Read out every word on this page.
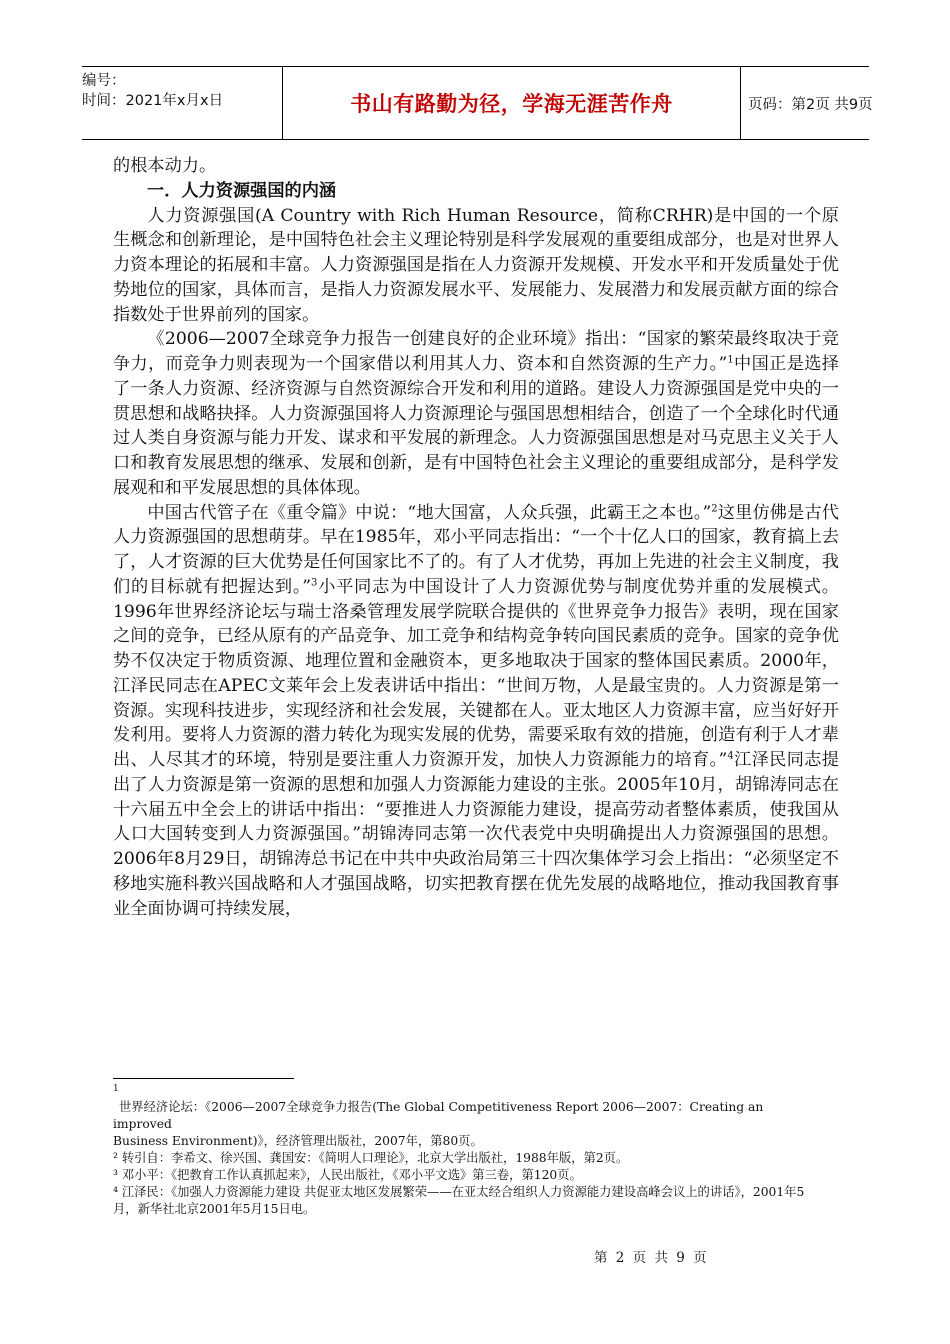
编号：
时间：2021年x月x日	书山有路勤为径，学海无涯苦作舟	页码：第2页 共9页

的根本动力。

一．人力资源强国的内涵

人力资源强国(A Country with Rich Human Resource，简称CRHR)是中国的一个原生概念和创新理论，是中国特色社会主义理论特别是科学发展观的重要组成部分，也是对世界人力资本理论的拓展和丰富。人力资源强国是指在人力资源开发规模、开发水平和开发质量处于优势地位的国家，具体而言，是指人力资源发展水平、发展能力、发展潜力和发展贡献方面的综合指数处于世界前列的国家。

《2006—2007全球竞争力报告一创建良好的企业环境》指出：“国家的繁荣最终取决于竞争力，而竞争力则表现为一个国家借以利用其人力、资本和自然资源的生产力。”$^1$中国正是选择了一条人力资源、经济资源与自然资源综合开发和利用的道路。建设人力资源强国是党中央的一贯思想和战略抉择。人力资源强国将人力资源理论与强国思想相结合，创造了一个全球化时代通过人类自身资源与能力开发、谋求和平发展的新理念。人力资源强国思想是对马克思主义关于人口和教育发展思想的继承、发展和创新，是有中国特色社会主义理论的重要组成部分，是科学发展观和和平发展思想的具体体现。

中国古代管子在《重令篇》中说：“地大国富，人众兵强，此霸王之本也。”$^2$这里仿佛是古代人力资源强国的思想萌芽。早在1985年，邓小平同志指出：“一个十亿人口的国家，教育搞上去了，人才资源的巨大优势是任何国家比不了的。有了人才优势，再加上先进的社会主义制度，我们的目标就有把握达到。”$^3$小平同志为中国设计了人力资源优势与制度优势并重的发展模式。1996年世界经济论坛与瑞士洛桑管理发展学院联合提供的《世界竞争力报告》表明，现在国家之间的竞争，已经从原有的产品竞争、加工竞争和结构竞争转向国民素质的竞争。国家的竞争优势不仅决定于物质资源、地理位置和金融资本，更多地取决于国家的整体国民素质。2000年，江泽民同志在APEC文莱年会上发表讲话中指出：“世间万物，人是最宝贵的。人力资源是第一资源。实现科技进步，实现经济和社会发展，关键都在人。亚太地区人力资源丰富，应当好好开发利用。要将人力资源的潜力转化为现实发展的优势，需要采取有效的措施，创造有利于人才辈出、人尽其才的环境，特别是要注重人力资源开发，加快人力资源能力的培育。”$^4$江泽民同志提出了人力资源是第一资源的思想和加强人力资源能力建设的主张。2005年10月，胡锦涛同志在十六届五中全会上的讲话中指出：“要推进人力资源能力建设，提高劳动者整体素质，使我国从人口大国转变到人力资源强国。”胡锦涛同志第一次代表党中央明确提出人力资源强国的思想。2006年8月29日，胡锦涛总书记在中共中央政治局第三十四次集体学习会上指出：“必须坚定不移地实施科教兴国战略和人才强国战略，切实把教育摆在优先发展的战略地位，推动我国教育事业全面协调可持续发展，

1

世界经济论坛：《2006—2007全球竞争力报告(The Global Competitiveness Report 2006—2007：Creating an

improved

Business Environment)》，经济管理出版社，2007年，第80页。

² 转引自：李希文、徐兴国、龚国安：《简明人口理论》，北京大学出版社，1988年版，第2页。

³ 邓小平：《把教育工作认真抓起来》，人民出版社，《邓小平文选》第三卷，第120页。

⁴ 江泽民：《加强人力资源能力建设 共促亚太地区发展繁荣——在亚太经合组织人力资源能力建设高峰会议上的讲话》，2001年5月，新华社北京2001年5月15日电。

第 2 页 共 9 页
